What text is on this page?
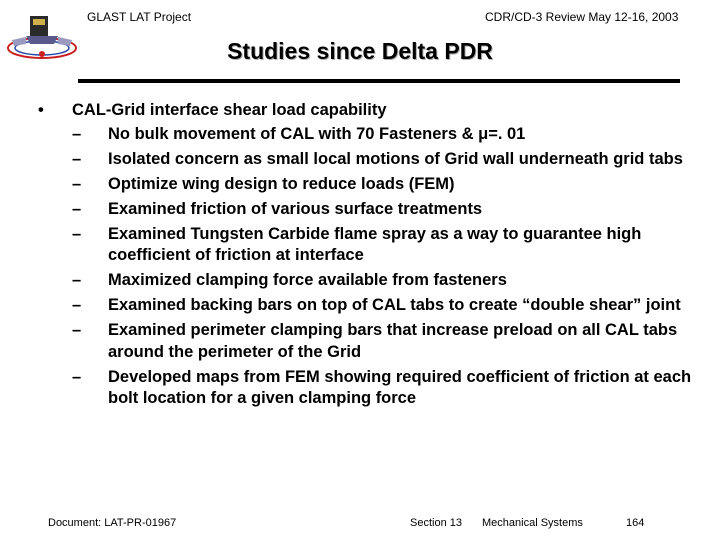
GLAST LAT Project	CDR/CD-3 Review May 12-16, 2003
Studies since Delta PDR
• CAL-Grid interface shear load capability
– No bulk movement of CAL with 70 Fasteners & μ=. 01
– Isolated concern as small local motions of Grid wall underneath grid tabs
– Optimize wing design to reduce loads (FEM)
– Examined friction of various surface treatments
– Examined Tungsten Carbide flame spray as a way to guarantee high coefficient of friction at interface
– Maximized clamping force available from fasteners
– Examined backing bars on top of CAL tabs to create “double shear” joint
– Examined perimeter clamping bars that increase preload on all CAL tabs around the perimeter of the Grid
– Developed maps from FEM showing required coefficient of friction at each bolt location for a given clamping force
Document: LAT-PR-01967	Section 13 Mechanical Systems	164
